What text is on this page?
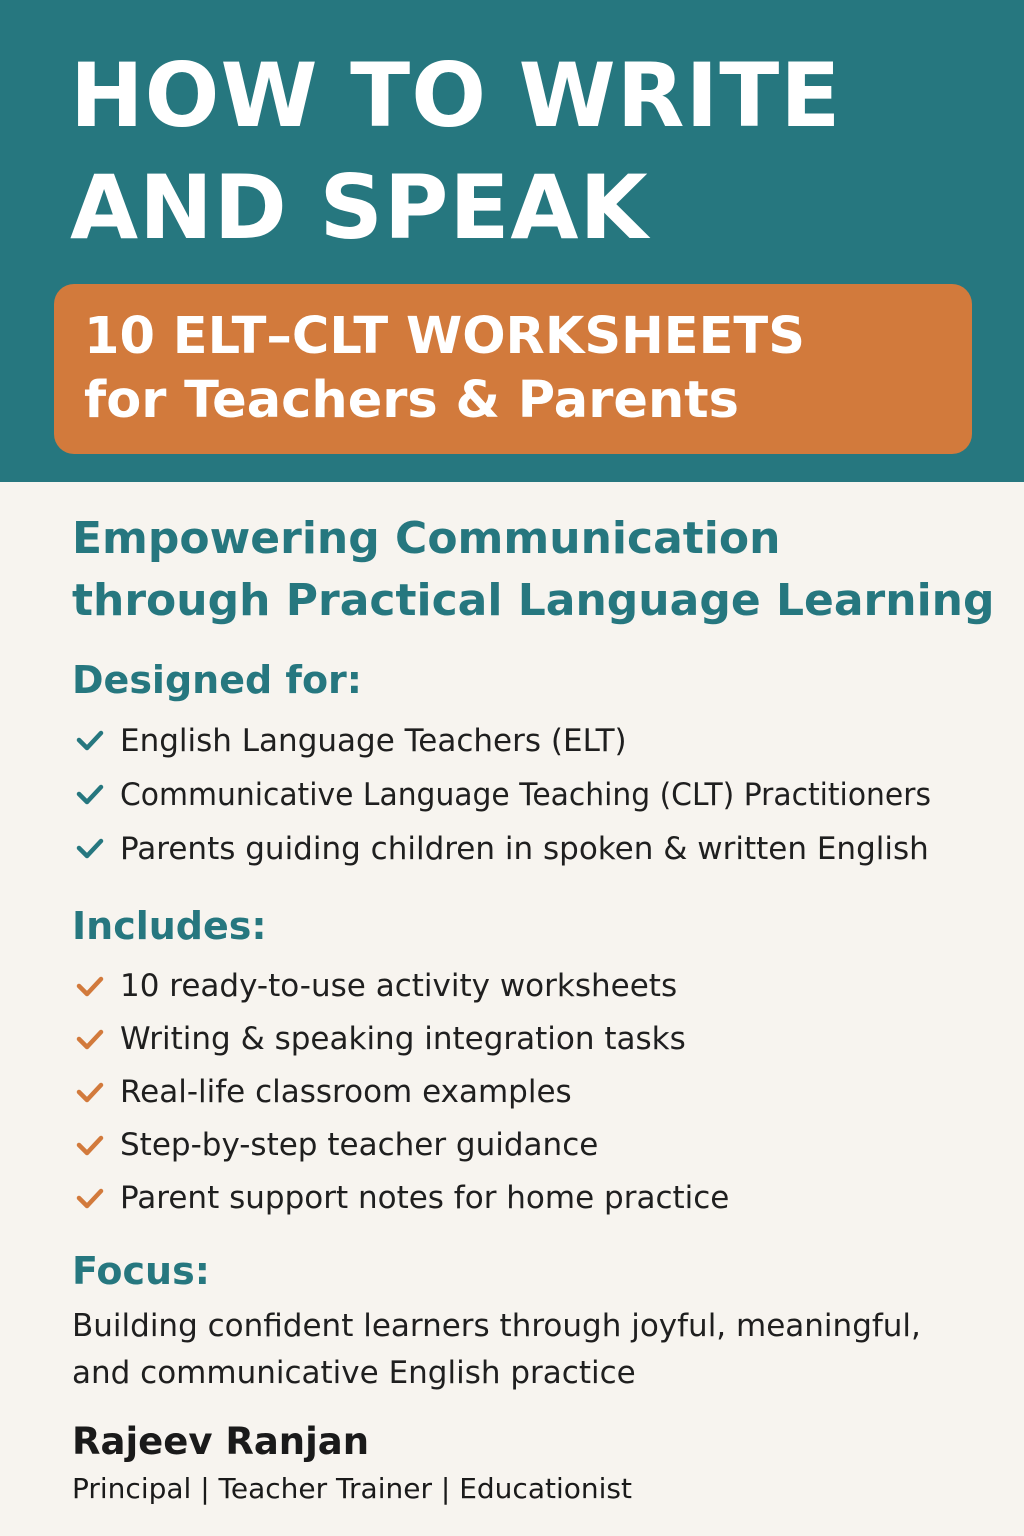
HOW TO WRITE
AND SPEAK
10 ELT–CLT WORKSHEETS
for Teachers & Parents
Empowering Communication
through Practical Language Learning
Designed for:
English Language Teachers (ELT)
Communicative Language Teaching (CLT) Practitioners
Parents guiding children in spoken & written English
Includes:
10 ready-to-use activity worksheets
Writing & speaking integration tasks
Real-life classroom examples
Step-by-step teacher guidance
Parent support notes for home practice
Focus:

Building confident learners through joyful, meaningful,
and communicative English practice

Rajeev Ranjan

Principal | Teacher Trainer | Educationist
